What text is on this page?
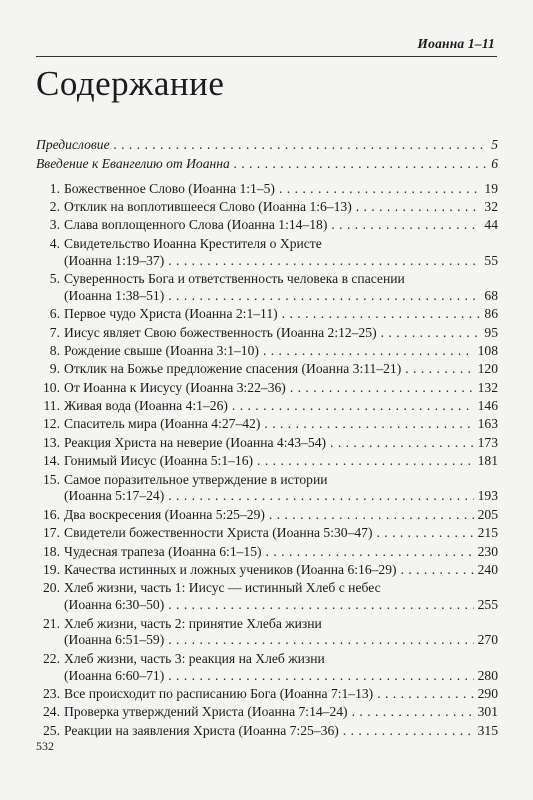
Иоанна 1–11
Содержание
Предисловие . . .	5
Введение к Евангелию от Иоанна . . .	6
1. Божественное Слово (Иоанна 1:1–5) . . .	19
2. Отклик на воплотившееся Слово (Иоанна 1:6–13) . . .	32
3. Слава воплощенного Слова (Иоанна 1:14–18) . . .	44
4. Свидетельство Иоанна Крестителя о Христе
(Иоанна 1:19–37) . . .	55
5. Суверенность Бога и ответственность человека в спасении
(Иоанна 1:38–51) . . .	68
6. Первое чудо Христа (Иоанна 2:1–11) . . .	86
7. Иисус являет Свою божественность (Иоанна 2:12–25) . . .	95
8. Рождение свыше (Иоанна 3:1–10) . . .	108
9. Отклик на Божье предложение спасения (Иоанна 3:11–21) . . .	120
10. От Иоанна к Иисусу (Иоанна 3:22–36) . . .	132
11. Живая вода (Иоанна 4:1–26) . . .	146
12. Спаситель мира (Иоанна 4:27–42) . . .	163
13. Реакция Христа на неверие (Иоанна 4:43–54) . . .	173
14. Гонимый Иисус (Иоанна 5:1–16) . . .	181
15. Самое поразительное утверждение в истории
(Иоанна 5:17–24) . . .	193
16. Два воскресения (Иоанна 5:25–29) . . .	205
17. Свидетели божественности Христа (Иоанна 5:30–47) . . .	215
18. Чудесная трапеза (Иоанна 6:1–15) . . .	230
19. Качества истинных и ложных учеников (Иоанна 6:16–29) . . .	240
20. Хлеб жизни, часть 1: Иисус — истинный Хлеб с небес
(Иоанна 6:30–50) . . .	255
21. Хлеб жизни, часть 2: принятие Хлеба жизни
(Иоанна 6:51–59) . . .	270
22. Хлеб жизни, часть 3: реакция на Хлеб жизни
(Иоанна 6:60–71) . . .	280
23. Все происходит по расписанию Бога (Иоанна 7:1–13) . . .	290
24. Проверка утверждений Христа (Иоанна 7:14–24) . . .	301
25. Реакции на заявления Христа (Иоанна 7:25–36) . . .	315
532
